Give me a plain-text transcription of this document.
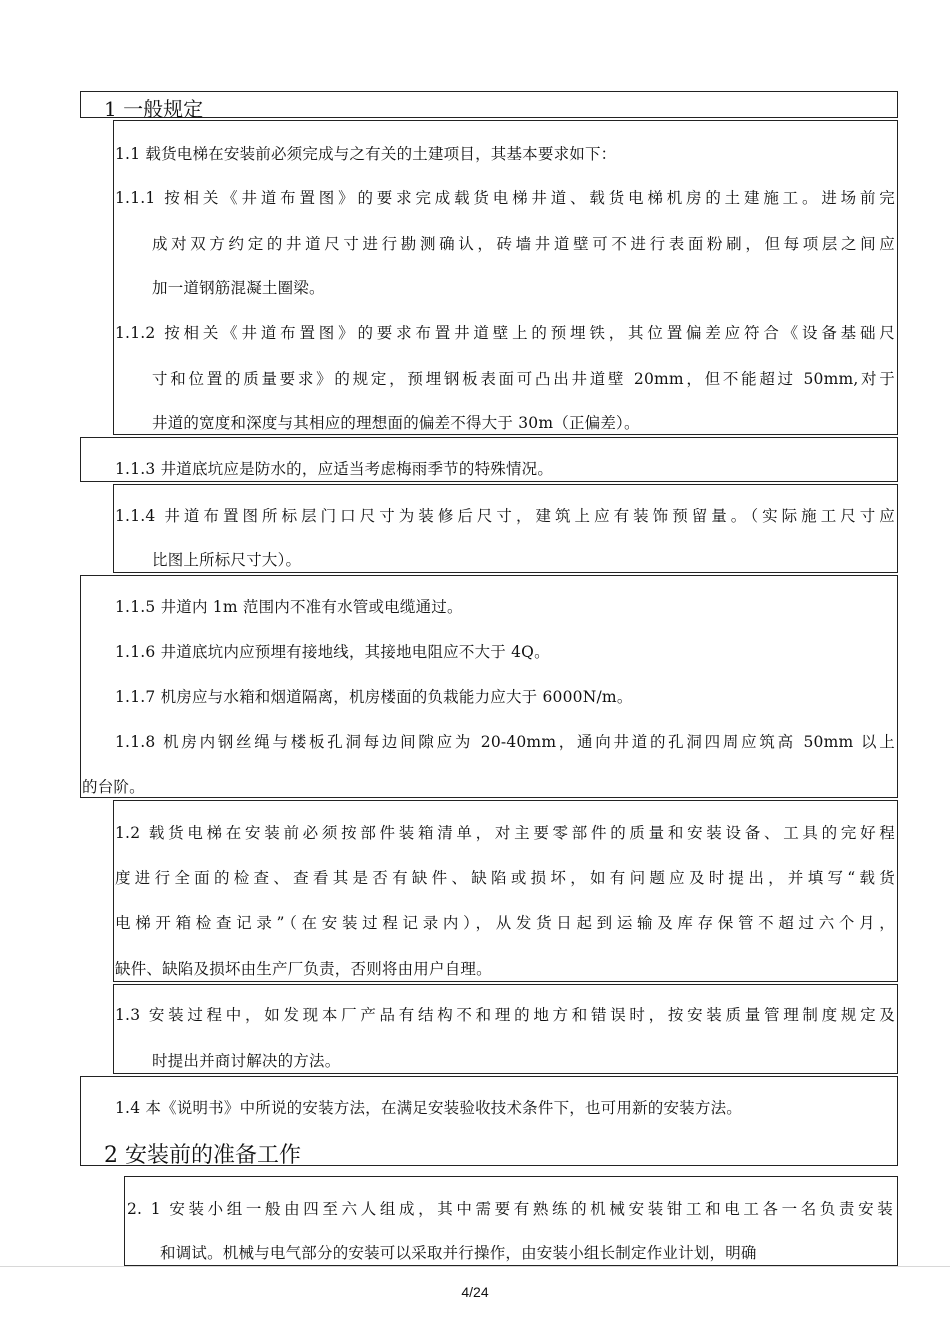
1 一般规定
1.1 载货电梯在安装前必须完成与之有关的土建项目，其基本要求如下：
1.1.1 按相关《井道布置图》的要求完成载货电梯井道、载货电梯机房的土建施工。进场前完
成对双方约定的井道尺寸进行勘测确认，砖墙井道壁可不进行表面粉刷，但每项层之间应
加一道钢筋混凝土圈梁。
1.1.2 按相关《井道布置图》的要求布置井道壁上的预埋铁，其位置偏差应符合《设备基础尺
寸和位置的质量要求》的规定，预埋钢板表面可凸出井道壁 20mm，但不能超过 50mm,对于
井道的宽度和深度与其相应的理想面的偏差不得大于 30m（正偏差）。
1.1.3 井道底坑应是防水的，应适当考虑梅雨季节的特殊情况。
1.1.4 井道布置图所标层门口尺寸为装修后尺寸，建筑上应有装饰预留量。（实际施工尺寸应
比图上所标尺寸大）。
1.1.5 井道内 1m 范围内不准有水管或电缆通过。
1.1.6 井道底坑内应预埋有接地线，其接地电阻应不大于 4Q。
1.1.7 机房应与水箱和烟道隔离，机房楼面的负栽能力应大于 6000N/m。
1.1.8 机房内钢丝绳与楼板孔洞每边间隙应为 20-40mm，通向井道的孔洞四周应筑高 50mm 以上
的台阶。
1.2 载货电梯在安装前必须按部件装箱清单，对主要零部件的质量和安装设备、工具的完好程
度进行全面的检查、查看其是否有缺件、缺陷或损坏，如有问题应及时提出，并填写“载货
电梯开箱检查记录”（在安装过程记录内），从发货日起到运输及库存保管不超过六个月，
缺件、缺陷及损坏由生产厂负责，否则将由用户自理。
1.3 安装过程中，如发现本厂产品有结构不和理的地方和错误时，按安装质量管理制度规定及
时提出并商讨解决的方法。
1.4 本《说明书》中所说的安装方法，在满足安装验收技术条件下，也可用新的安装方法。
2 安装前的准备工作
2. 1 安装小组一般由四至六人组成，其中需要有熟练的机械安装钳工和电工各一名负责安装
和调试。机械与电气部分的安装可以采取并行操作，由安装小组长制定作业计划，明确
4/24
